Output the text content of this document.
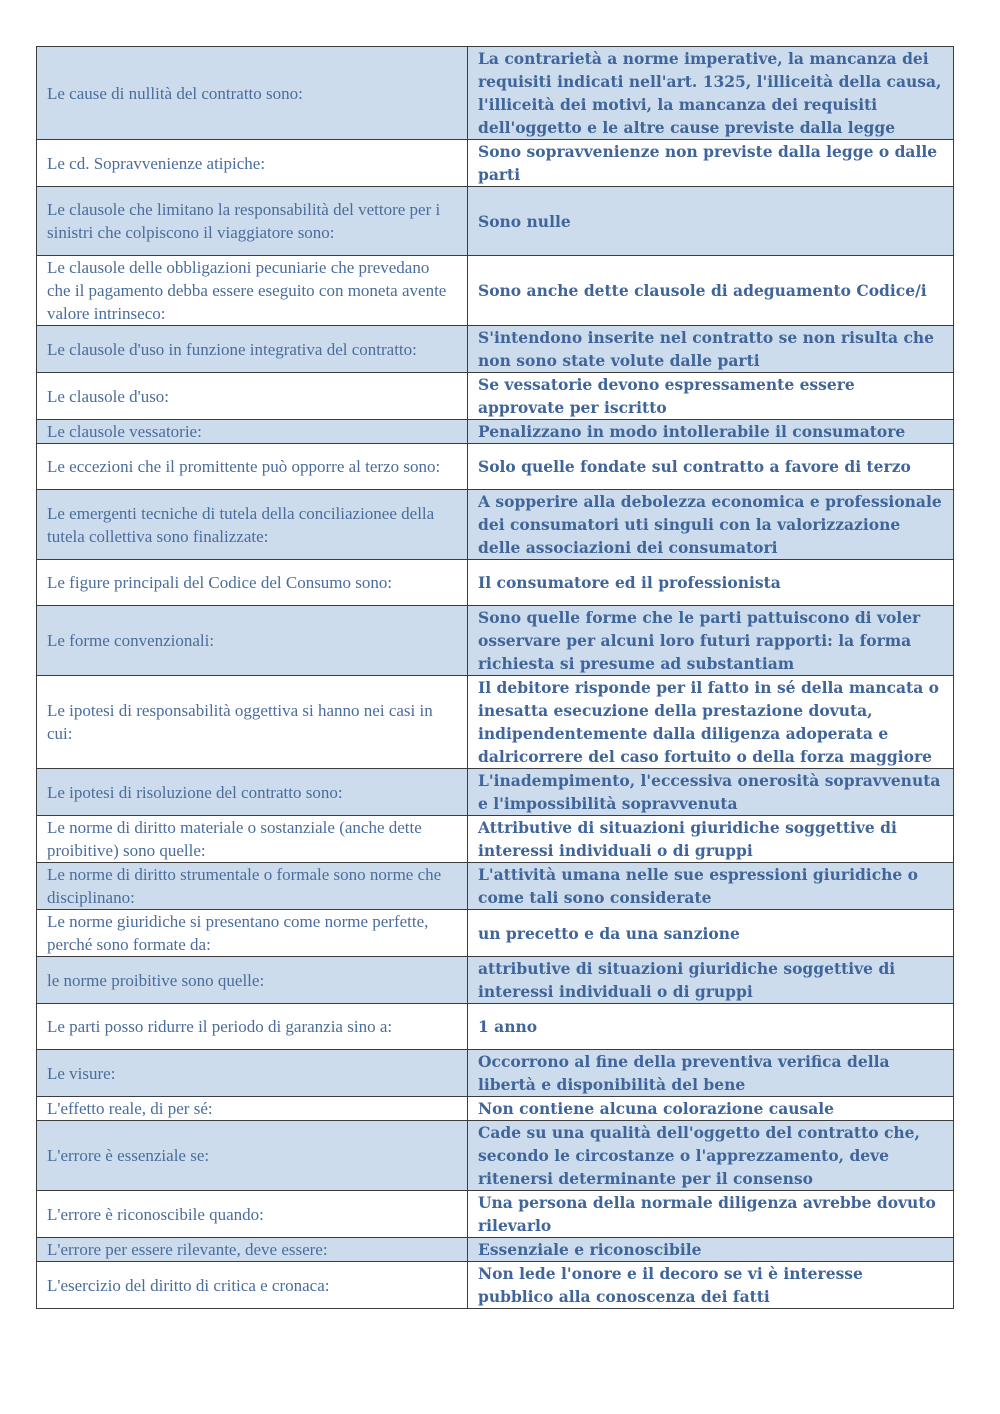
Le cause di nullità del contratto sono:	La contrarietà a norme imperative, la mancanza dei requisiti indicati nell'art. 1325, l'illiceità della causa, l'illiceità dei motivi, la mancanza dei requisiti dell'oggetto e le altre cause previste dalla legge
Le cd. Sopravvenienze atipiche:	Sono sopravvenienze non previste dalla legge o dalle parti
Le clausole che limitano la responsabilità del vettore per i sinistri che colpiscono il viaggiatore sono:	Sono nulle
Le clausole delle obbligazioni pecuniarie che prevedano che il pagamento debba essere eseguito con moneta avente valore intrinseco:	Sono anche dette clausole di adeguamento Codice/i
Le clausole d'uso in funzione integrativa del contratto:	S'intendono inserite nel contratto se non risulta che non sono state volute dalle parti
Le clausole d'uso:	Se vessatorie devono espressamente essere approvate per iscritto
Le clausole vessatorie:	Penalizzano in modo intollerabile il consumatore
Le eccezioni che il promittente può opporre al terzo sono:	Solo quelle fondate sul contratto a favore di terzo
Le emergenti tecniche di tutela della conciliazionee della tutela collettiva sono finalizzate:	A sopperire alla debolezza economica e professionale dei consumatori uti singuli con la valorizzazione delle associazioni dei consumatori
Le figure principali del Codice del Consumo sono:	Il consumatore ed il professionista
Le forme convenzionali:	Sono quelle forme che le parti pattuiscono di voler osservare per alcuni loro futuri rapporti: la forma richiesta si presume ad substantiam
Le ipotesi di responsabilità oggettiva si hanno nei casi in cui:	Il debitore risponde per il fatto in sé della mancata o inesatta esecuzione della prestazione dovuta, indipendentemente dalla diligenza adoperata e dalricorrere del caso fortuito o della forza maggiore
Le ipotesi di risoluzione del contratto sono:	L'inadempimento, l'eccessiva onerosità sopravvenuta e l'impossibilità sopravvenuta
Le norme di diritto materiale o sostanziale (anche dette proibitive) sono quelle:	Attributive di situazioni giuridiche soggettive di interessi individuali o di gruppi
Le norme di diritto strumentale o formale sono norme che disciplinano:	L'attività umana nelle sue espressioni giuridiche o come tali sono considerate
Le norme giuridiche si presentano come norme perfette, perché sono formate da:	un precetto e da una sanzione
le norme proibitive sono quelle:	attributive di situazioni giuridiche soggettive di interessi individuali o di gruppi
Le parti posso ridurre il periodo di garanzia sino a:	1 anno
Le visure:	Occorrono al fine della preventiva verifica della libertà e disponibilità del bene
L'effetto reale, di per sé:	Non contiene alcuna colorazione causale
L'errore è essenziale se:	Cade su una qualità dell'oggetto del contratto che, secondo le circostanze o l'apprezzamento, deve ritenersi determinante per il consenso
L'errore è riconoscibile quando:	Una persona della normale diligenza avrebbe dovuto rilevarlo
L'errore per essere rilevante, deve essere:	Essenziale e riconoscibile
L'esercizio del diritto di critica e cronaca:	Non lede l'onore e il decoro se vi è interesse pubblico alla conoscenza dei fatti
